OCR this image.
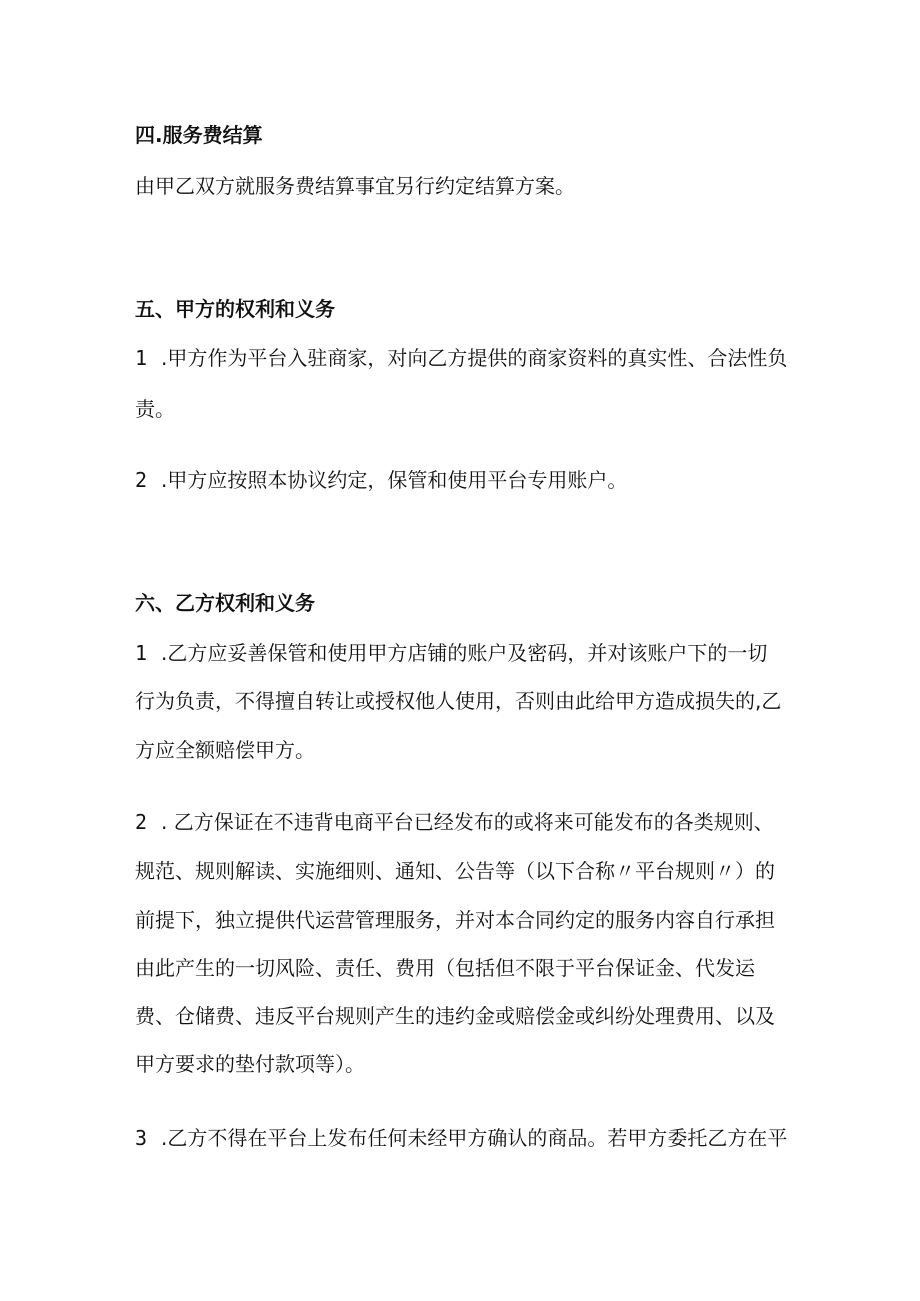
四.服务费结算
由甲乙双方就服务费结算事宜另行约定结算方案。
五、甲方的权利和义务
1 .甲方作为平台入驻商家，对向乙方提供的商家资料的真实性、合法性负
责。
2 .甲方应按照本协议约定，保管和使用平台专用账户。
六、乙方权利和义务
1 .乙方应妥善保管和使用甲方店铺的账户及密码，并对该账户下的一切
行为负责，不得擅自转让或授权他人使用，否则由此给甲方造成损失的,乙
方应全额赔偿甲方。
2 . 乙方保证在不违背电商平台已经发布的或将来可能发布的各类规则、
规范、规则解读、实施细则、通知、公告等（以下合称〃平台规则〃）的
前提下，独立提供代运营管理服务，并对本合同约定的服务内容自行承担
由此产生的一切风险、责任、费用（包括但不限于平台保证金、代发运
费、仓储费、违反平台规则产生的违约金或赔偿金或纠纷处理费用、以及
甲方要求的垫付款项等）。
3 .乙方不得在平台上发布任何未经甲方确认的商品。若甲方委托乙方在平
